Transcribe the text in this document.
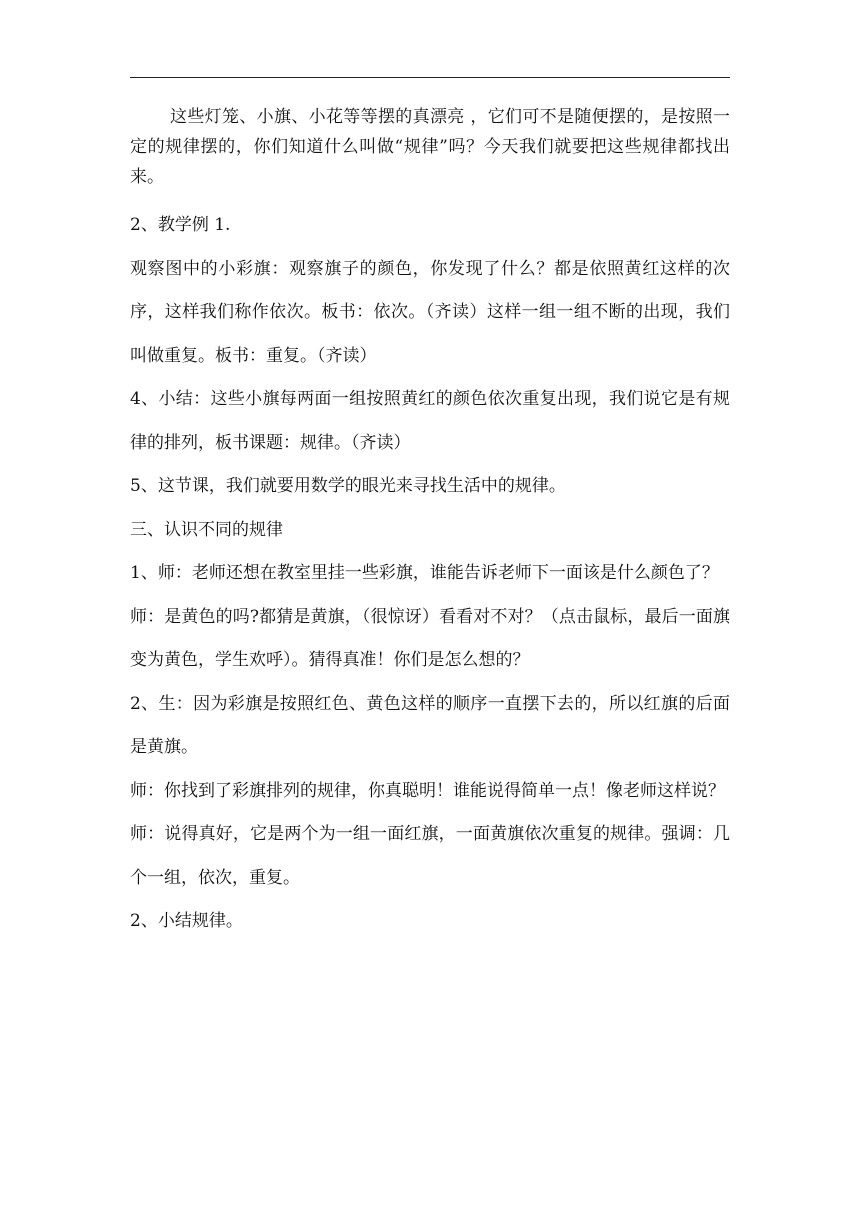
这些灯笼、小旗、小花等等摆的真漂亮 ，它们可不是随便摆的，是按照一定的规律摆的，你们知道什么叫做“规律”吗？今天我们就要把这些规律都找出来。

2、教学例 1.

观察图中的小彩旗：观察旗子的颜色，你发现了什么？都是依照黄红这样的次序，这样我们称作依次。板书：依次。（齐读）这样一组一组不断的出现，我们叫做重复。板书：重复。（齐读）

4、小结：这些小旗每两面一组按照黄红的颜色依次重复出现，我们说它是有规律的排列，板书课题：规律。（齐读）

5、这节课，我们就要用数学的眼光来寻找生活中的规律。

三、认识不同的规律

1、师：老师还想在教室里挂一些彩旗，谁能告诉老师下一面该是什么颜色了？

师：是黄色的吗?都猜是黄旗，（很惊讶）看看对不对？（点击鼠标，最后一面旗变为黄色，学生欢呼）。猜得真准！你们是怎么想的？

2、生：因为彩旗是按照红色、黄色这样的顺序一直摆下去的，所以红旗的后面是黄旗。

师：你找到了彩旗排列的规律，你真聪明！谁能说得简单一点！像老师这样说？

师：说得真好，它是两个为一组一面红旗，一面黄旗依次重复的规律。强调：几个一组，依次，重复。

2、小结规律。
